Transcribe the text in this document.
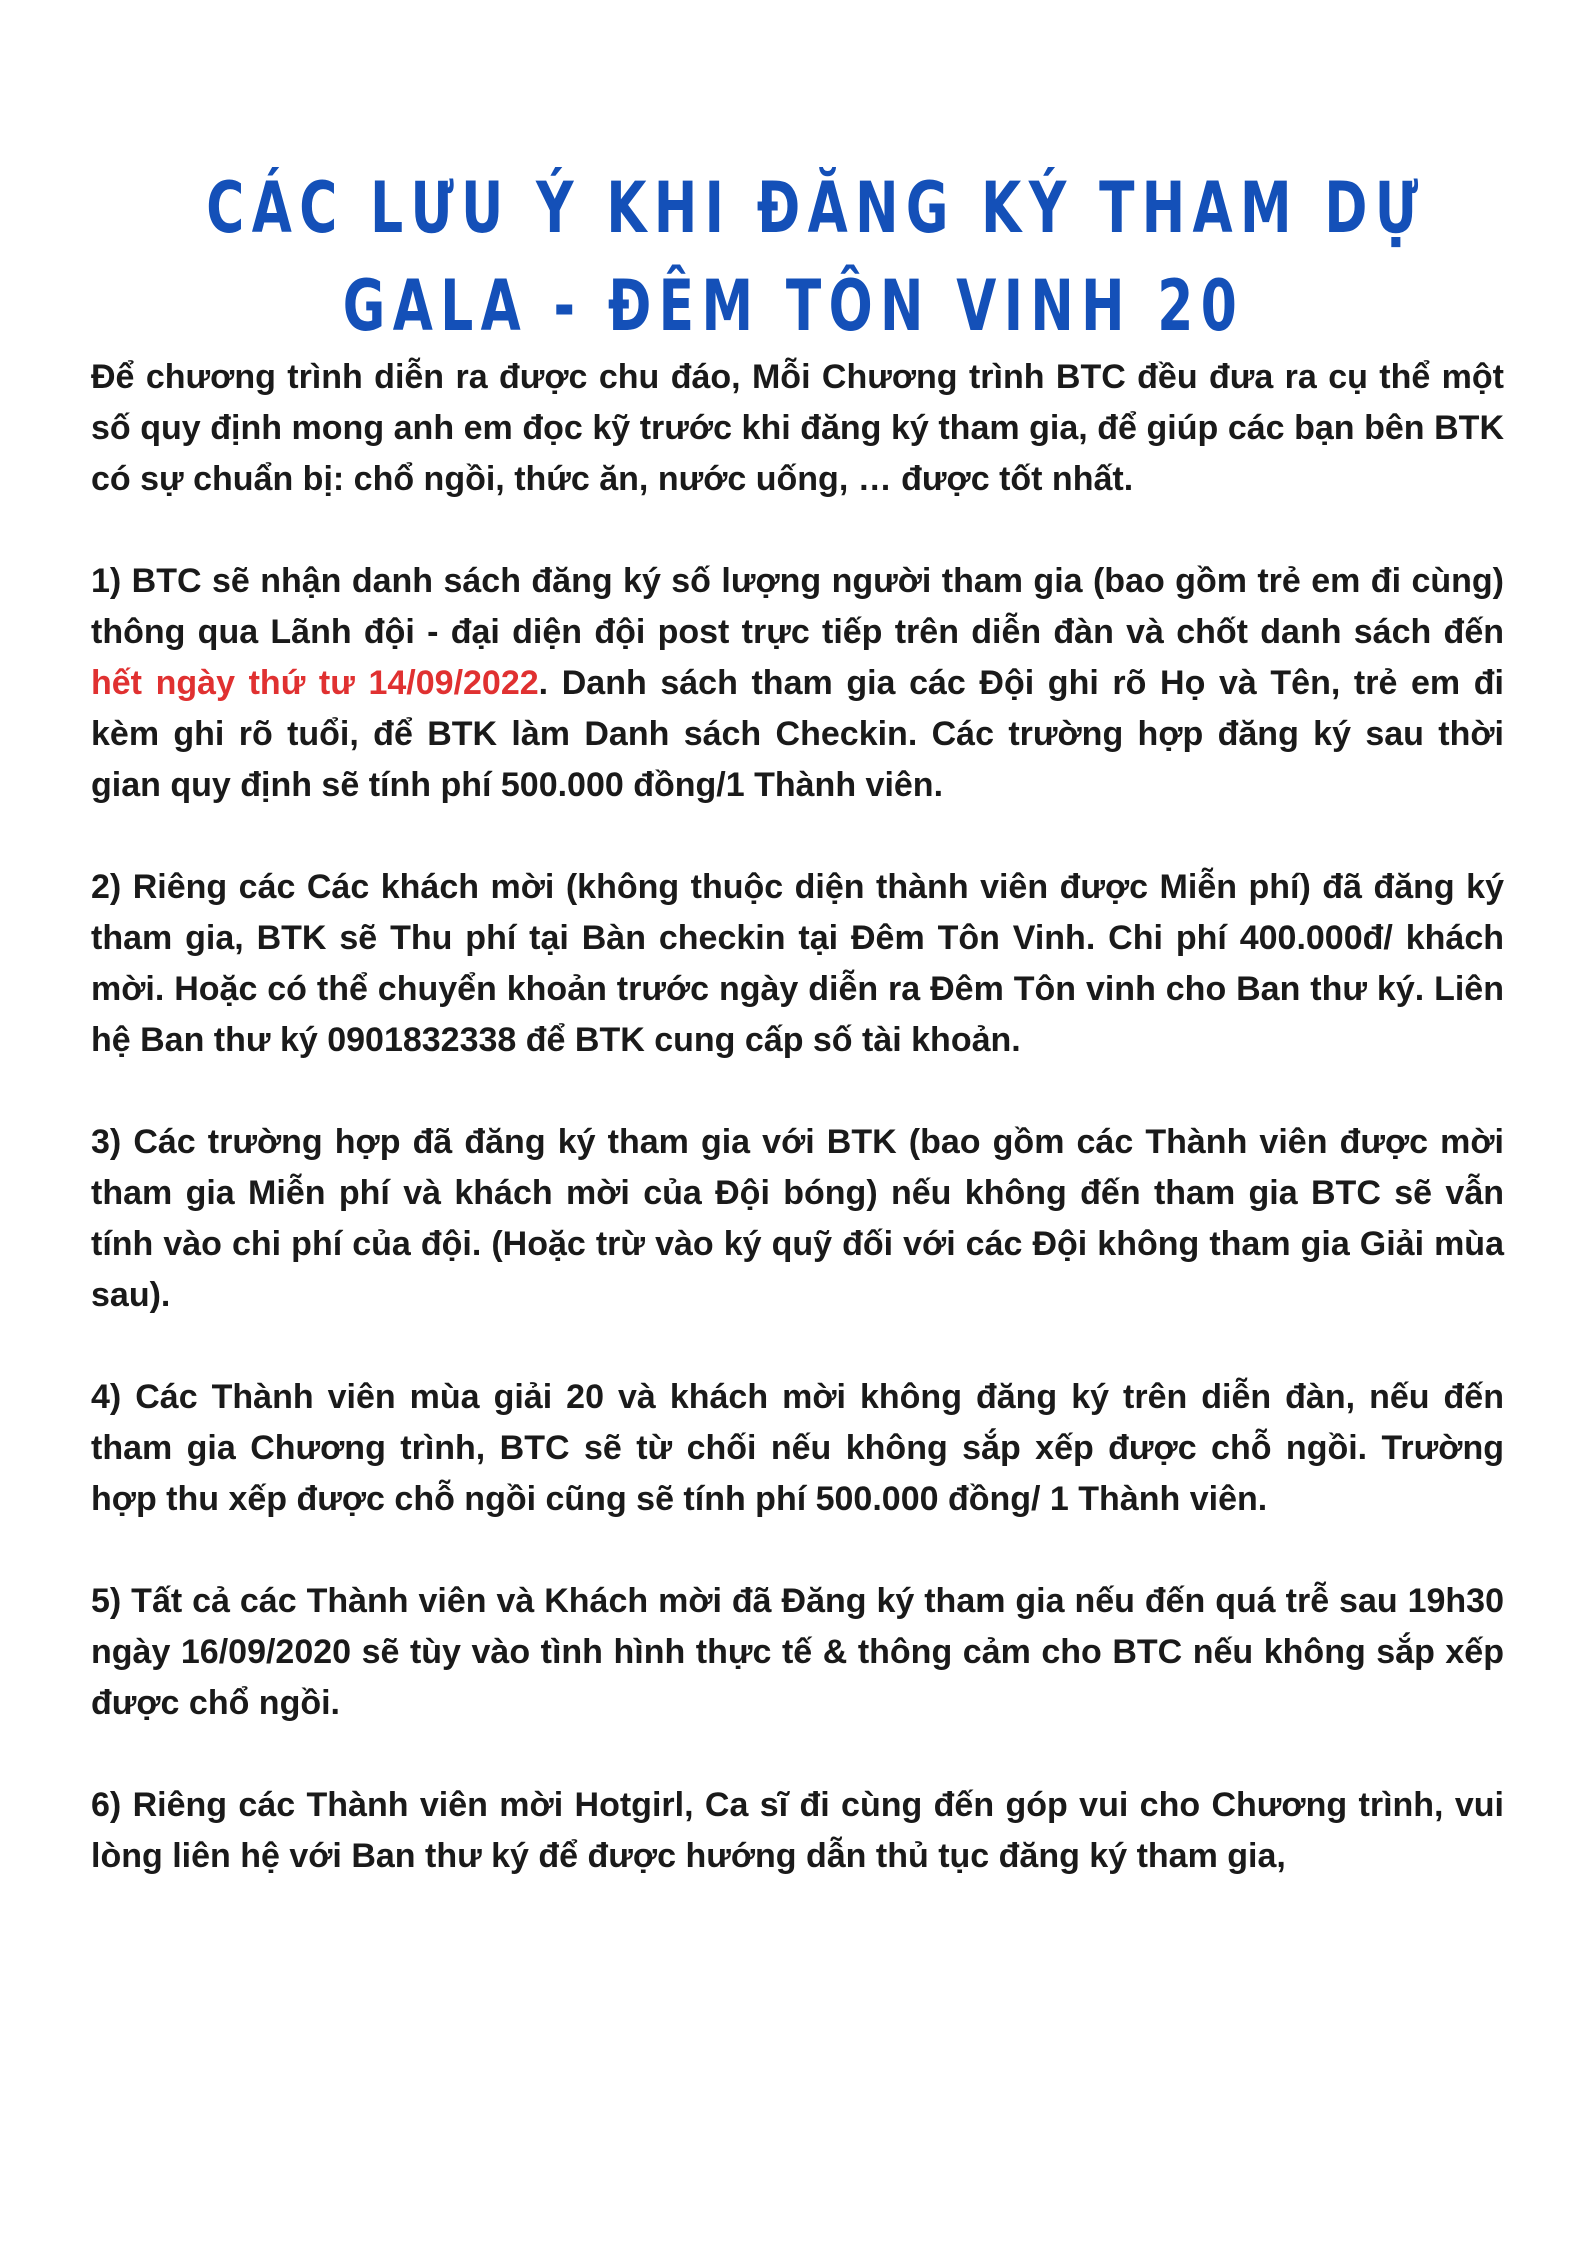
CÁC LƯU Ý KHI ĐĂNG KÝ THAM DỰ
GALA - ĐÊM TÔN VINH 20

Để chương trình diễn ra được chu đáo, Mỗi Chương trình BTC đều đưa ra cụ thể một số quy định mong anh em đọc kỹ trước khi đăng ký tham gia, để giúp các bạn bên BTK có sự chuẩn bị: chổ ngồi, thức ăn, nước uống, … được tốt nhất.

1) BTC sẽ nhận danh sách đăng ký số lượng người tham gia (bao gồm trẻ em đi cùng) thông qua Lãnh đội - đại diện đội post trực tiếp trên diễn đàn và chốt danh sách đến hết ngày thứ tư 14/09/2022. Danh sách tham gia các Đội ghi rõ Họ và Tên, trẻ em đi kèm ghi rõ tuổi, để BTK làm Danh sách Checkin. Các trường hợp đăng ký sau thời gian quy định sẽ tính phí 500.000 đồng/1 Thành viên.

2) Riêng các Các khách mời (không thuộc diện thành viên được Miễn phí) đã đăng ký tham gia, BTK sẽ Thu phí tại Bàn checkin tại Đêm Tôn Vinh. Chi phí 400.000đ/ khách mời. Hoặc có thể chuyển khoản trước ngày diễn ra Đêm Tôn vinh cho Ban thư ký. Liên hệ Ban thư ký 0901832338 để BTK cung cấp số tài khoản.

3) Các trường hợp đã đăng ký tham gia với BTK (bao gồm các Thành viên được mời tham gia Miễn phí và khách mời của Đội bóng) nếu không đến tham gia BTC sẽ vẫn tính vào chi phí của đội. (Hoặc trừ vào ký quỹ đối với các Đội không tham gia Giải mùa sau).

4) Các Thành viên mùa giải 20 và khách mời không đăng ký trên diễn đàn, nếu đến tham gia Chương trình, BTC sẽ từ chối nếu không sắp xếp được chỗ ngồi. Trường hợp thu xếp được chỗ ngồi cũng sẽ tính phí 500.000 đồng/ 1 Thành viên.

5) Tất cả các Thành viên và Khách mời đã Đăng ký tham gia nếu đến quá trễ sau 19h30 ngày 16/09/2020 sẽ tùy vào tình hình thực tế & thông cảm cho BTC nếu không sắp xếp được chổ ngồi.

6) Riêng các Thành viên mời Hotgirl, Ca sĩ đi cùng đến góp vui cho Chương trình, vui lòng liên hệ với Ban thư ký để được hướng dẫn thủ tục đăng ký tham gia,
